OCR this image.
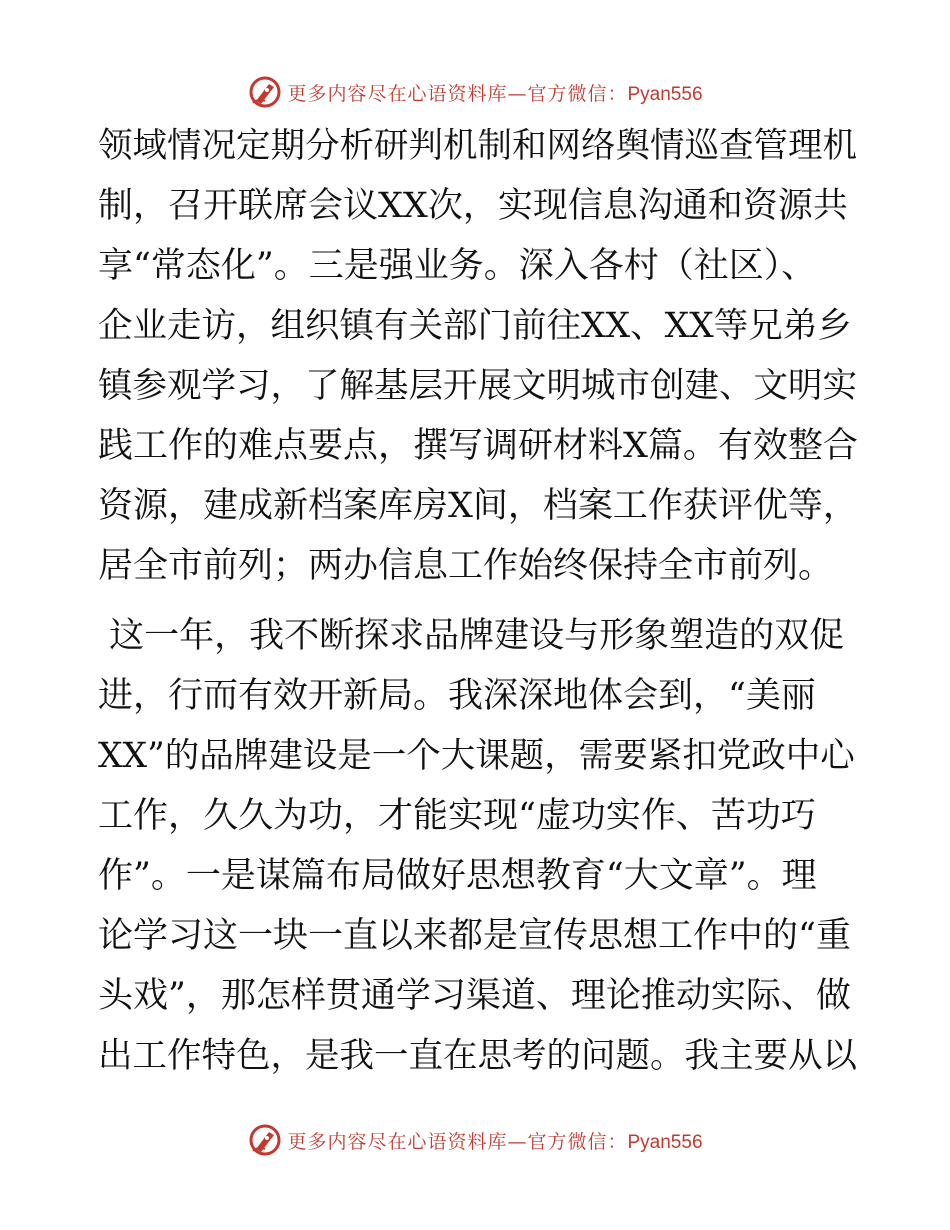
更多内容尽在心语资料库—官方微信：Pyan556
领域情况定期分析研判机制和网络舆情巡查管理机
制，召开联席会议XX次，实现信息沟通和资源共
享“常态化”。三是强业务。深入各村（社区）、
企业走访，组织镇有关部门前往XX、XX等兄弟乡
镇参观学习，了解基层开展文明城市创建、文明实
践工作的难点要点，撰写调研材料X篇。有效整合
资源，建成新档案库房X间，档案工作获评优等，
居全市前列；两办信息工作始终保持全市前列。
这一年，我不断探求品牌建设与形象塑造的双促
进，行而有效开新局。我深深地体会到，“美丽
XX”的品牌建设是一个大课题，需要紧扣党政中心
工作，久久为功，才能实现“虚功实作、苦功巧
作”。一是谋篇布局做好思想教育“大文章”。理
论学习这一块一直以来都是宣传思想工作中的“重
头戏”，那怎样贯通学习渠道、理论推动实际、做
出工作特色，是我一直在思考的问题。我主要从以
更多内容尽在心语资料库—官方微信：Pyan556
